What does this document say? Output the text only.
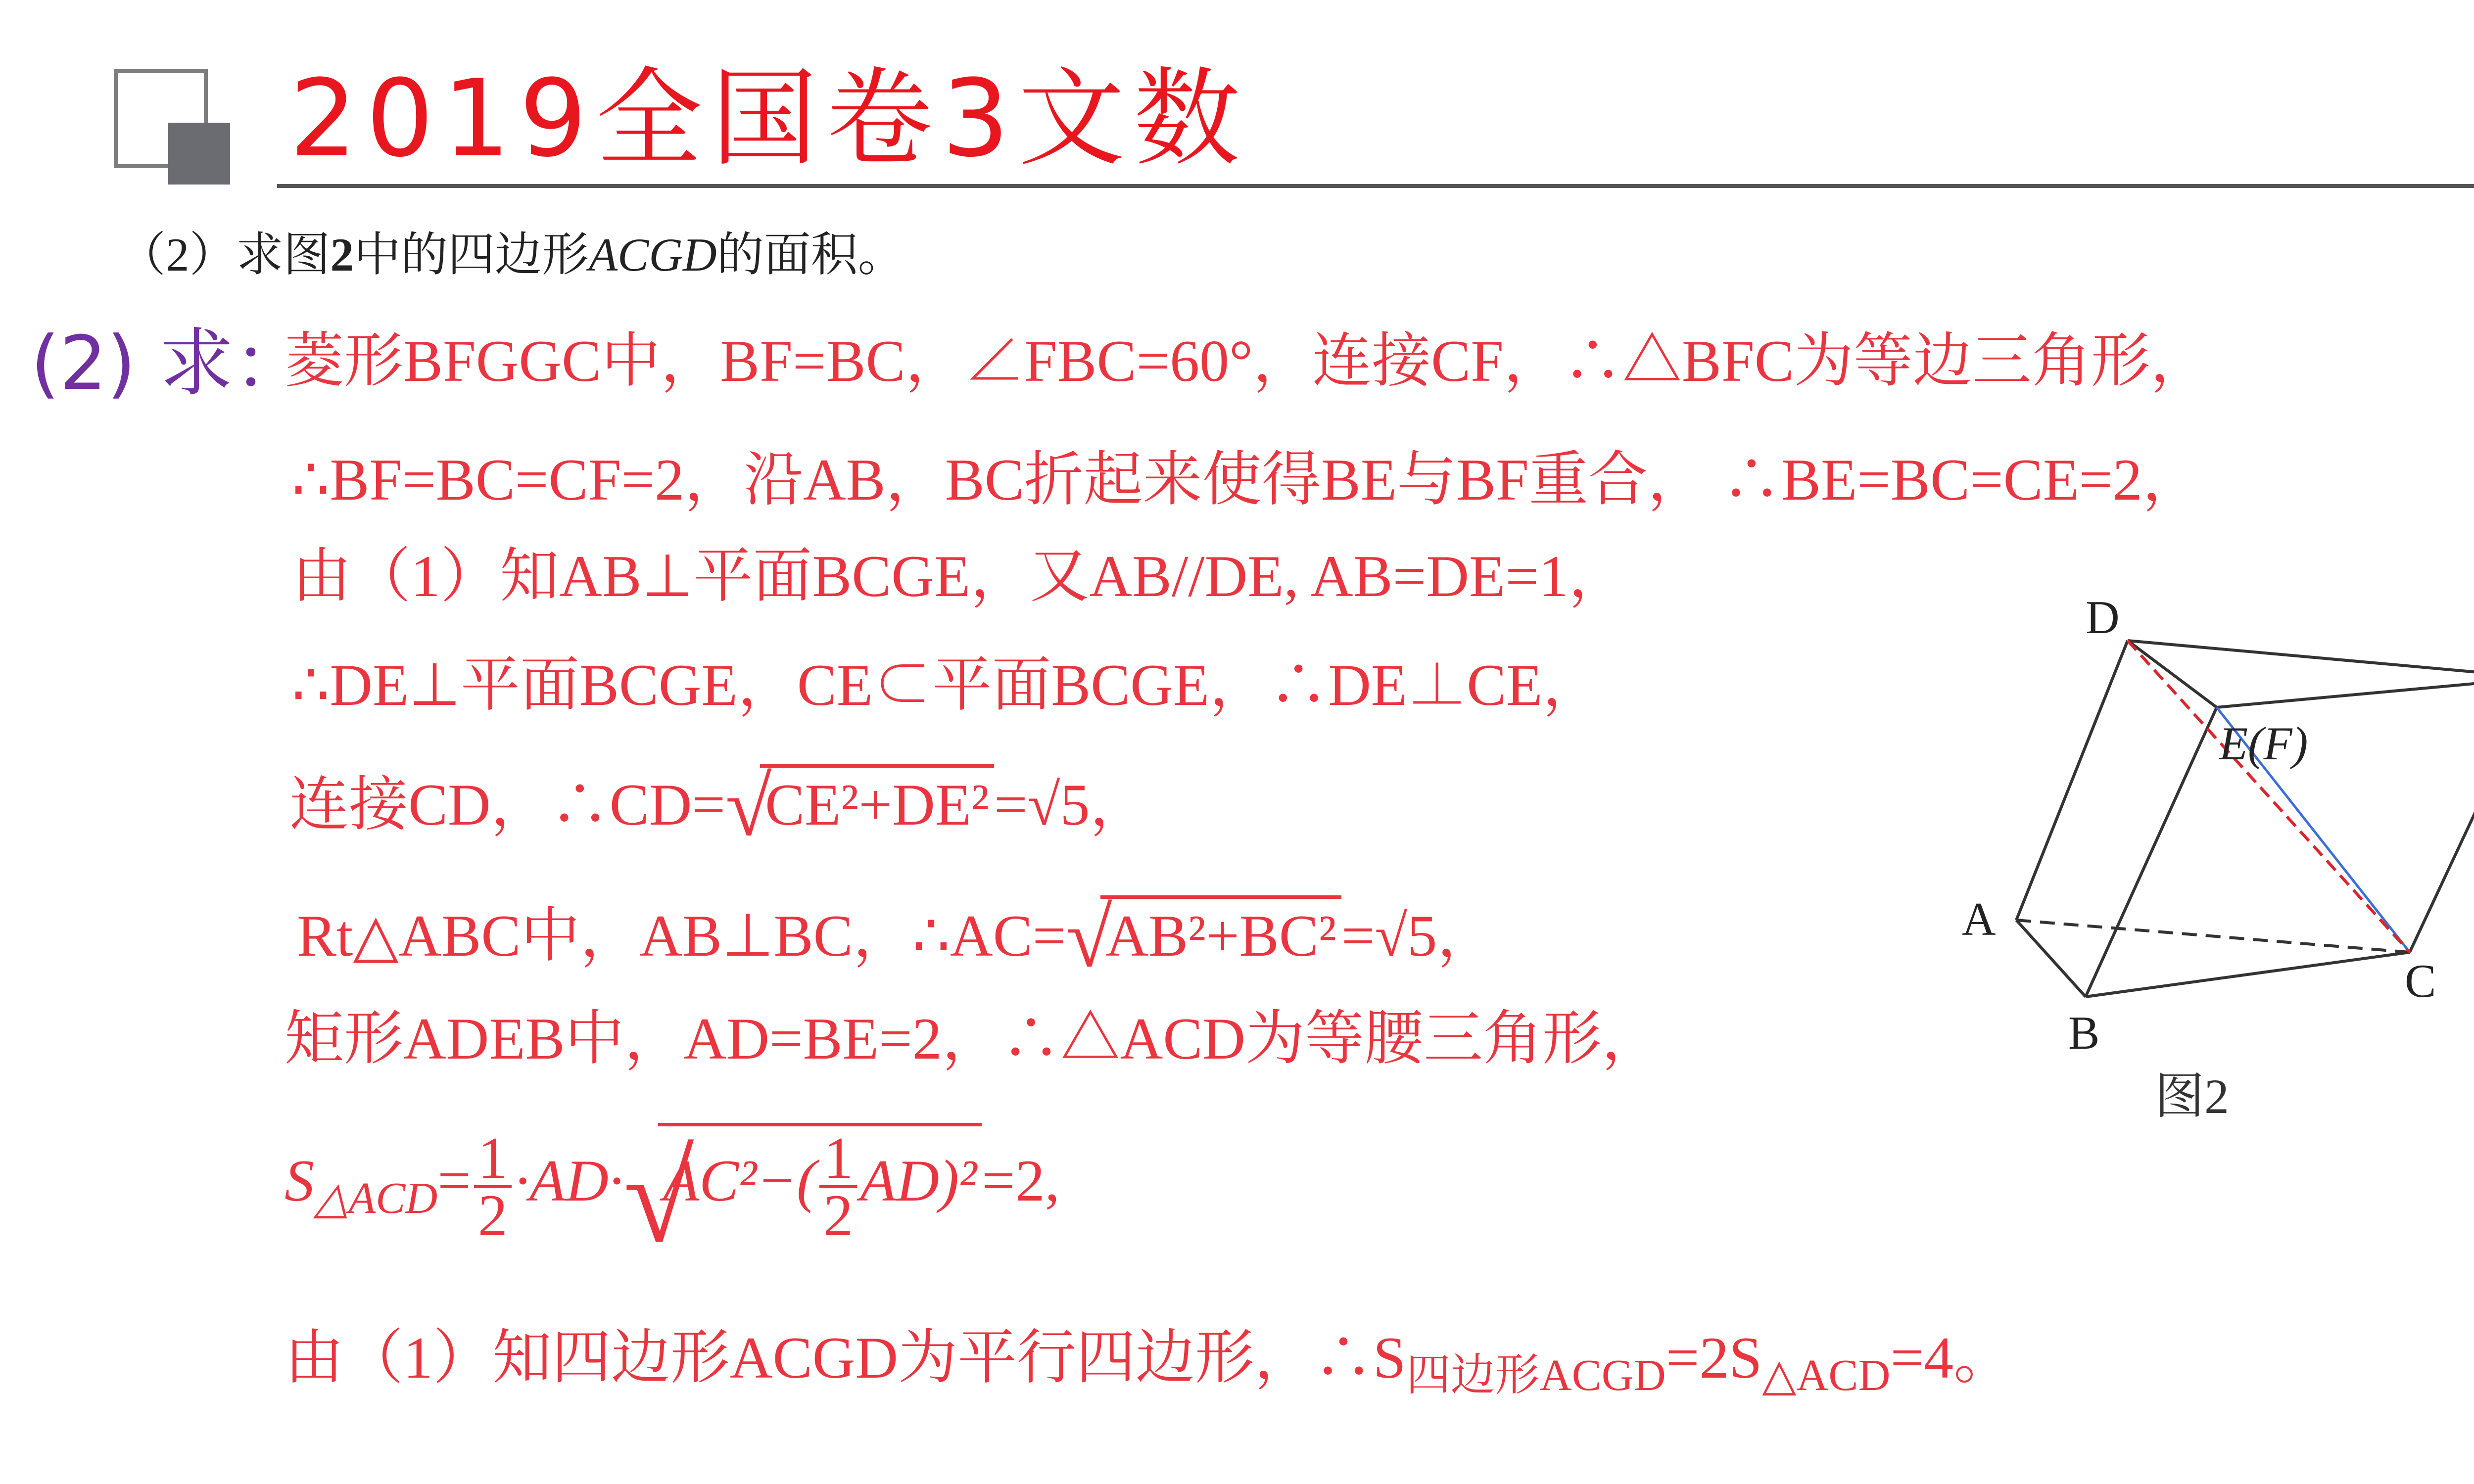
2019全国卷3文数
（2）求图2中的四边形ACGD的面积。
(2) 求：
菱形BFGGC中，BF=BC，∠FBC=60°，连接CF，∴△BFC为等边三角形，
∴BF=BC=CF=2，沿AB，BC折起来使得BE与BF重合， ∴BE=BC=CE=2，
由（1）知AB⊥平面BCGE，又AB//DE, AB=DE=1，
∴DE⊥平面BCGE，CE⊂平面BCGE，∴DE⊥CE，
连接CD，∴CD= √
CE²+DE²=√5，
Rt△ABC中，AB⊥BC，∴AC= √
AB²+BC²=√5，
矩形ADEB中，AD=BE=2，∴△ACD为等腰三角形，
$S_{\triangle ACD}= \frac{1}{2} \cdot AD\cdot$ √
$AC^2-( \frac{1}{2} AD)^2=2$,
由（1）知四边形ACGD为平行四边形，$\therefore S_{四边形ACGD}=2S_{\triangle ACD}=4$。
D
E(F)
A
B
C
图2
